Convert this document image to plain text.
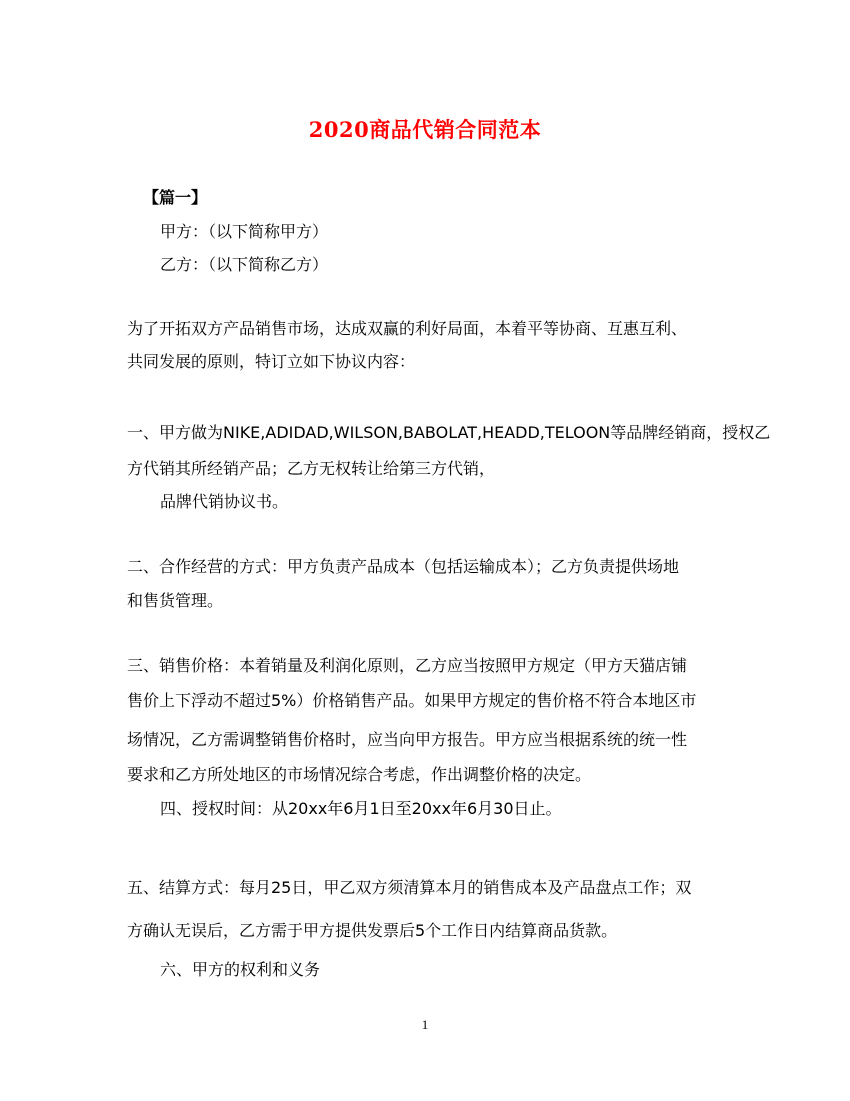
2020商品代销合同范本
【篇一】
甲方：（以下简称甲方）
乙方：（以下简称乙方）
为了开拓双方产品销售市场，达成双赢的利好局面，本着平等协商、互惠互利、
共同发展的原则，特订立如下协议内容：
一、甲方做为NIKE,ADIDAD,WILSON,BABOLAT,HEADD,TELOON等品牌经销商，授权乙
方代销其所经销产品；乙方无权转让给第三方代销，
品牌代销协议书。
二、合作经营的方式：甲方负责产品成本（包括运输成本）；乙方负责提供场地
和售货管理。
三、销售价格：本着销量及利润化原则，乙方应当按照甲方规定（甲方天猫店铺
售价上下浮动不超过5%）价格销售产品。如果甲方规定的售价格不符合本地区市
场情况，乙方需调整销售价格时，应当向甲方报告。甲方应当根据系统的统一性
要求和乙方所处地区的市场情况综合考虑，作出调整价格的决定。
四、授权时间：从20xx年6月1日至20xx年6月30日止。
五、结算方式：每月25日，甲乙双方须清算本月的销售成本及产品盘点工作；双
方确认无误后，乙方需于甲方提供发票后5个工作日内结算商品货款。
六、甲方的权利和义务
1
